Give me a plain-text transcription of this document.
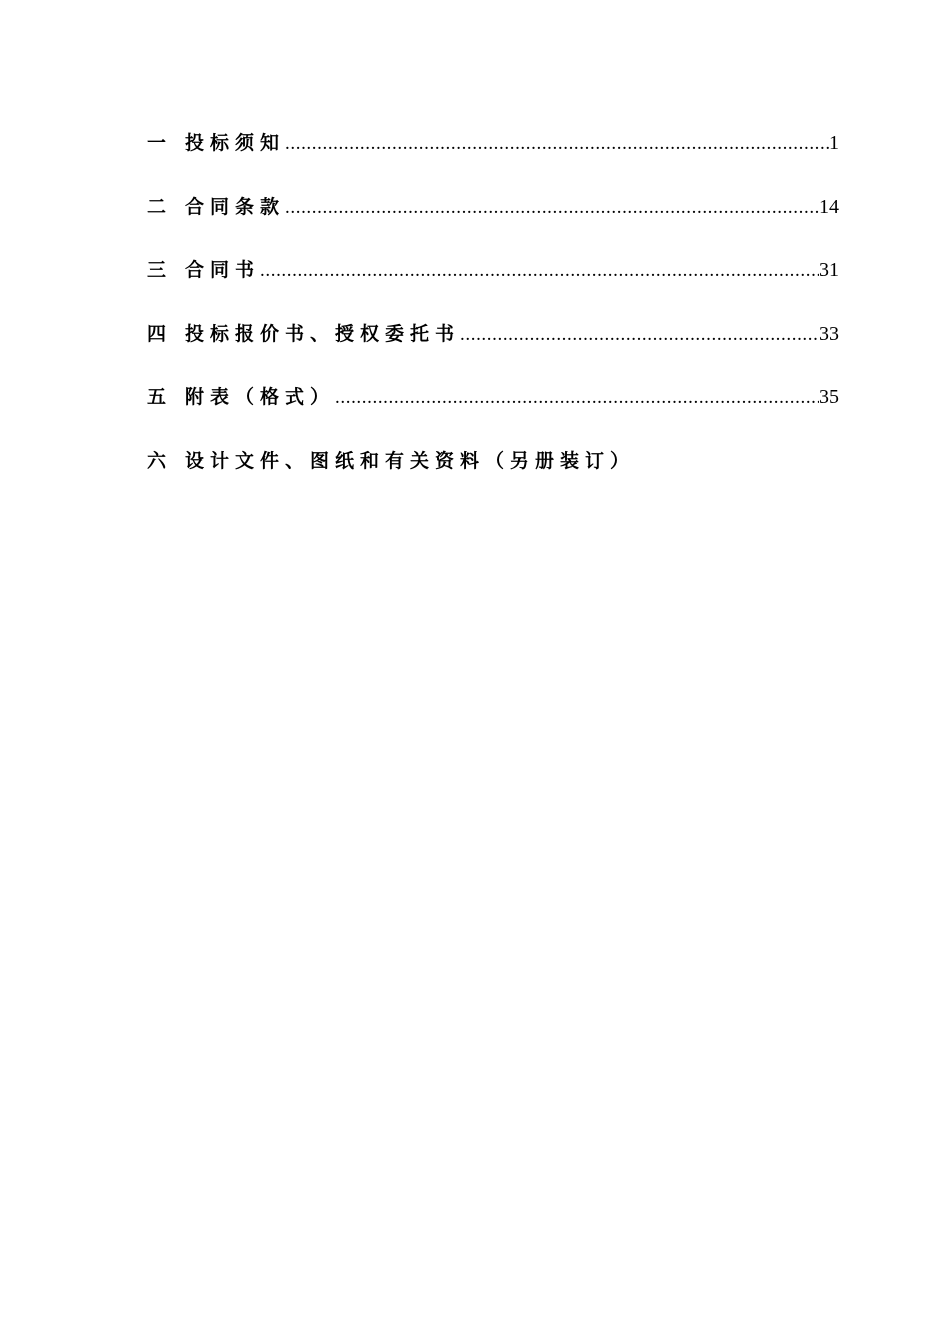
一 投标须知 .....	1
二 合同条款 .....	14
三 合同书 .....	31
四 投标报价书、授权委托书 .....	33
五 附表（格式） .....	35
六 设计文件、图纸和有关资料（另册装订）
